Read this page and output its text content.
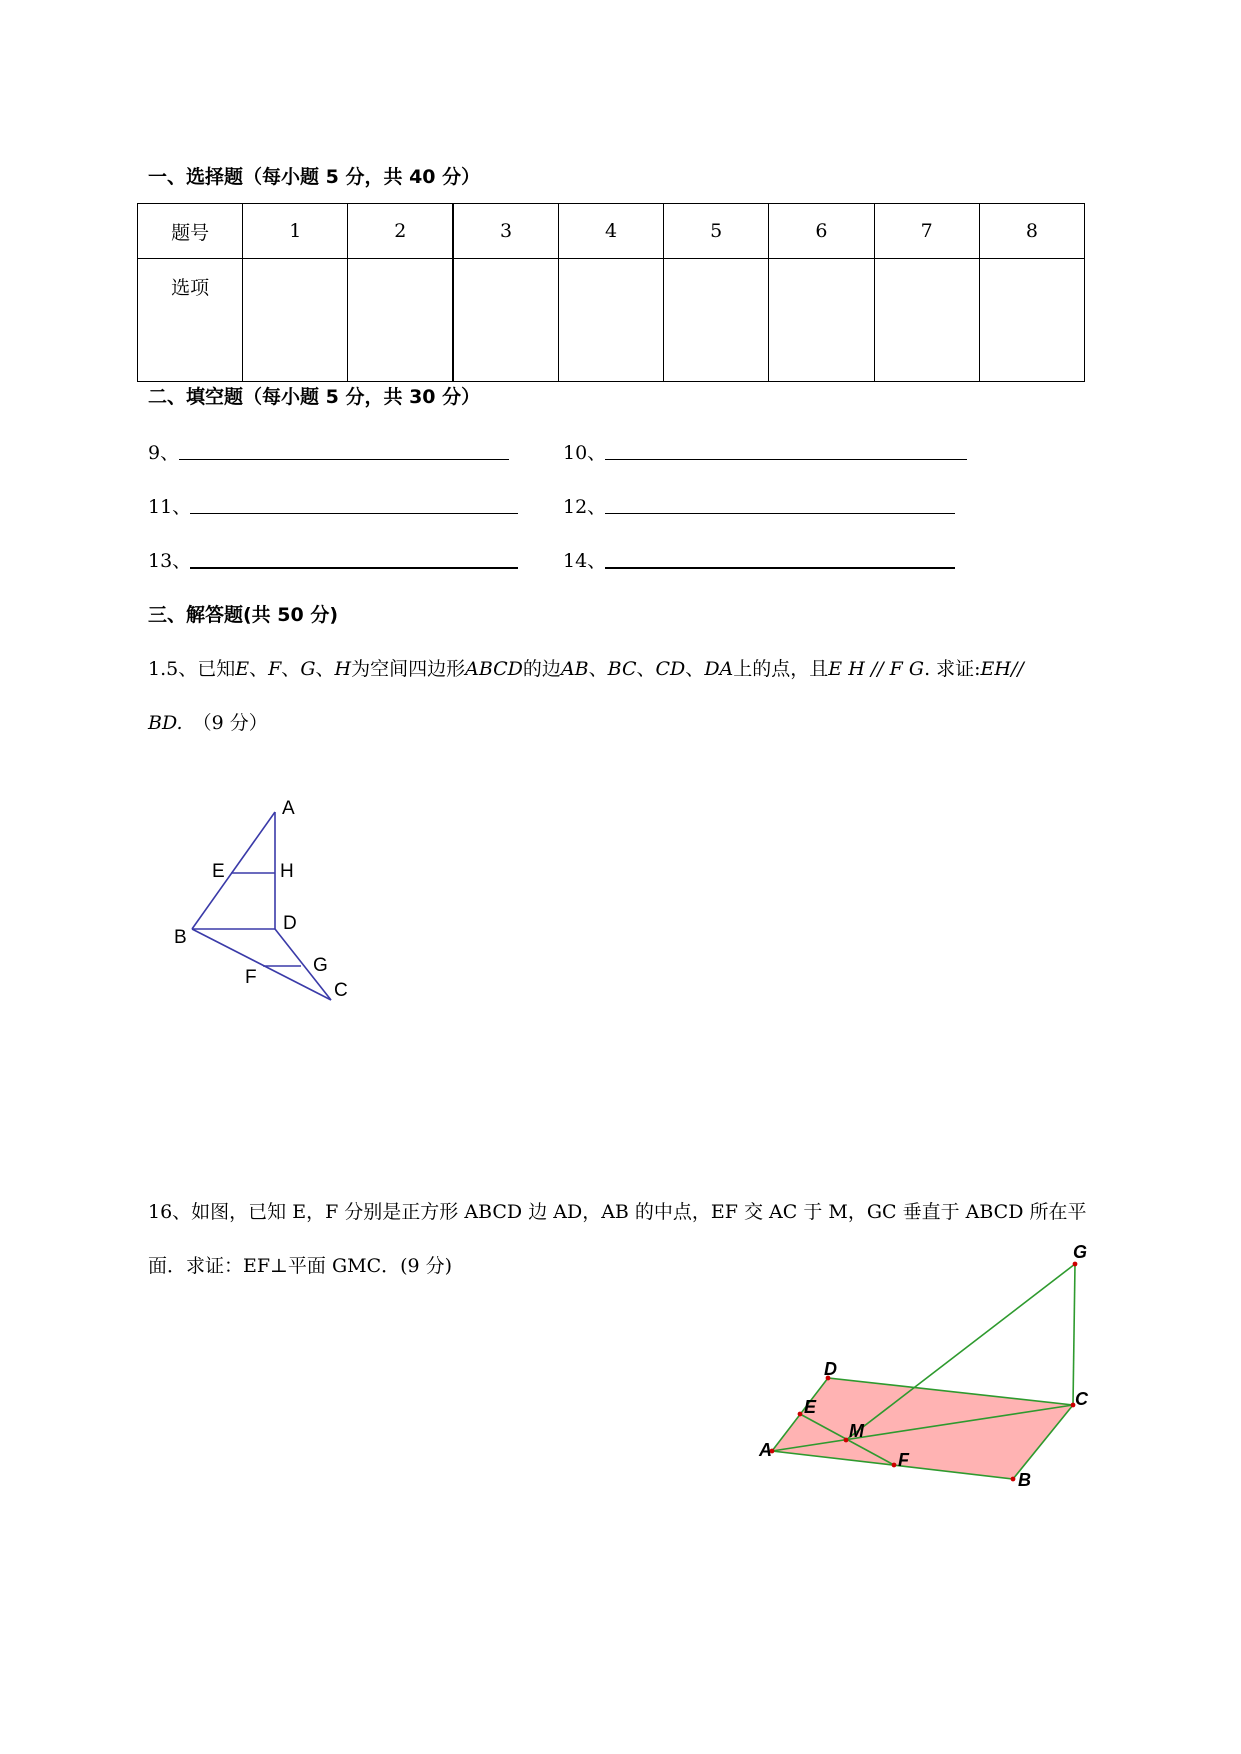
一、选择题（每小题 5 分，共 40 分）
题号	1	2	3	4	5	6	7	8
选项								
二、填空题（每小题 5 分，共 30 分）
9、	10、
11、	12、
13、	14、
三、解答题(共 50 分)
1.5、已知E、F、G、H为空间四边形ABCD的边AB、BC、CD、DA上的点，且E H // F G. 求证:EH//
BD. （9 分）
A
E	H
B
D
F
G
C
16、如图，已知 E，F 分别是正方形 ABCD 边 AD，AB 的中点，EF 交 AC 于 M，GC 垂直于 ABCD 所在平
面．求证：EF⊥平面 GMC．(9 分)
G
D
C
E
M
A	F
B
